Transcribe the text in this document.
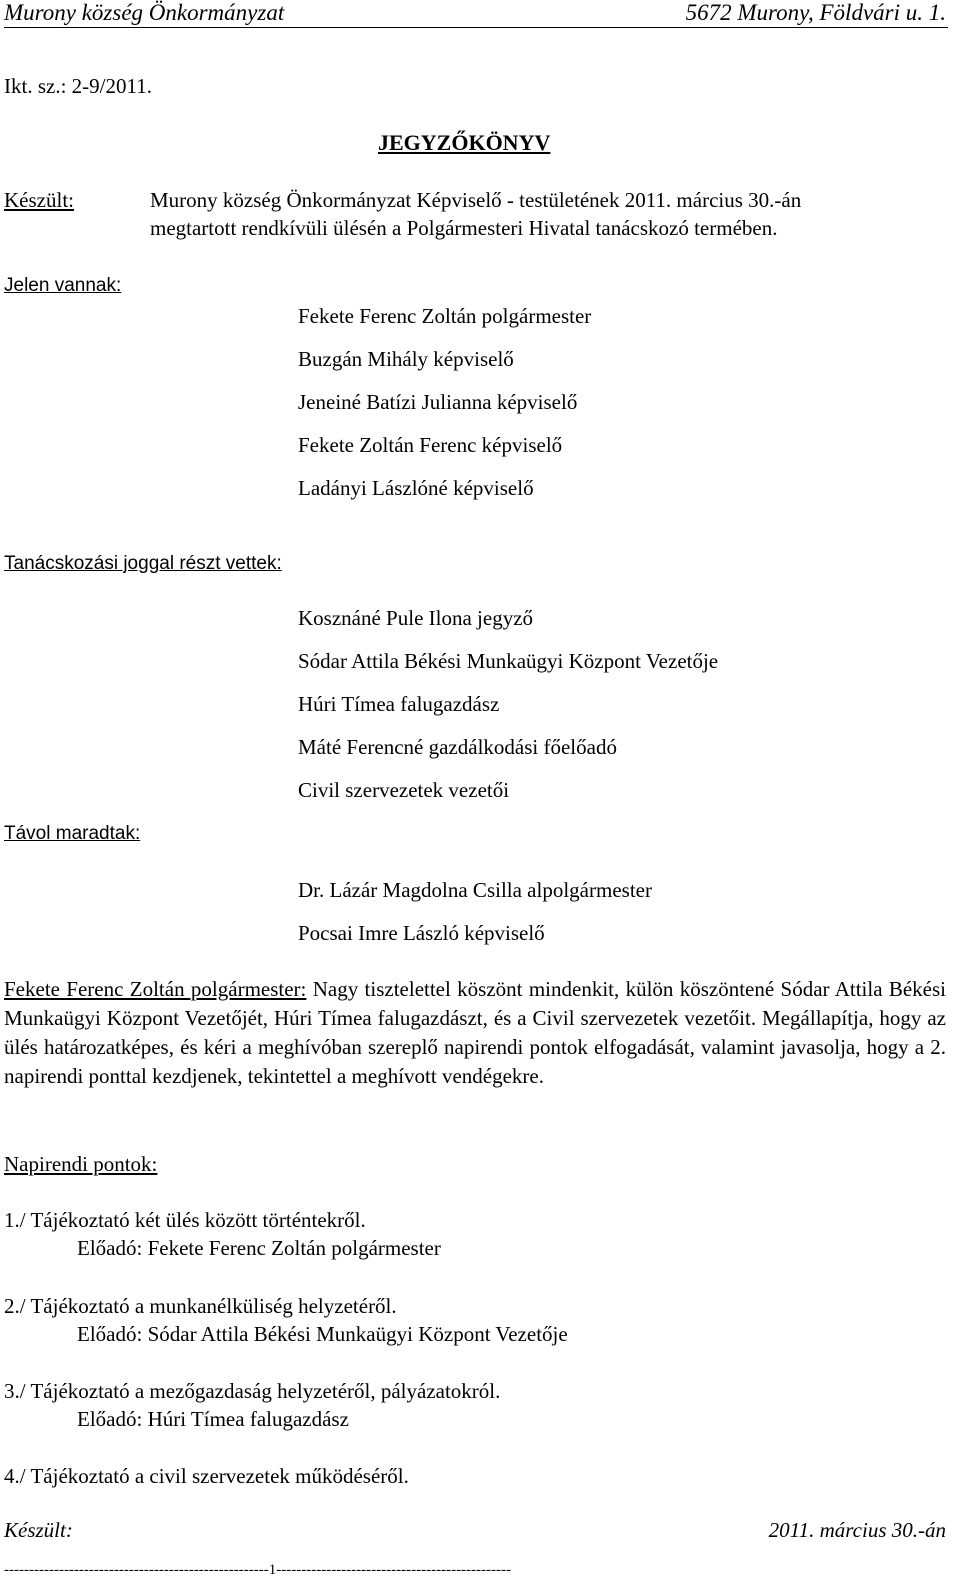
Murony község Önkormányzat	5672 Murony, Földvári u. 1.
Ikt. sz.: 2-9/2011.
JEGYZŐKÖNYV
Készült:	Murony község Önkormányzat Képviselő - testületének 2011. március 30.-án
megtartott rendkívüli ülésén a Polgármesteri Hivatal tanácskozó termében.
Jelen vannak:
Fekete Ferenc Zoltán polgármester
Buzgán Mihály képviselő
Jeneiné Batízi Julianna képviselő
Fekete Zoltán Ferenc képviselő
Ladányi Lászlóné képviselő
Tanácskozási joggal részt vettek:
Kosznáné Pule Ilona jegyző
Sódar Attila Békési Munkaügyi Központ Vezetője
Húri Tímea falugazdász
Máté Ferencné gazdálkodási főelőadó
Civil szervezetek vezetői
Távol maradtak:
Dr. Lázár Magdolna Csilla alpolgármester
Pocsai Imre László képviselő
Fekete Ferenc Zoltán polgármester: Nagy tisztelettel köszönt mindenkit, külön köszöntené Sódar Attila Békési Munkaügyi Központ Vezetőjét, Húri Tímea falugazdászt, és a Civil szervezetek vezetőit. Megállapítja, hogy az ülés határozatképes, és kéri a meghívóban szereplő napirendi pontok elfogadását, valamint javasolja, hogy a 2. napirendi ponttal kezdjenek, tekintettel a meghívott vendégekre.
Napirendi pontok:
1./ Tájékoztató két ülés között történtekről.
Előadó: Fekete Ferenc Zoltán polgármester
2./ Tájékoztató a munkanélküliség helyzetéről.
Előadó: Sódar Attila Békési Munkaügyi Központ Vezetője
3./ Tájékoztató a mezőgazdaság helyzetéről, pályázatokról.
Előadó: Húri Tímea falugazdász
4./ Tájékoztató a civil szervezetek működéséről.
Készült:	2011. március 30.-án
-----------------------------------------------------1-----------------------------------------------
